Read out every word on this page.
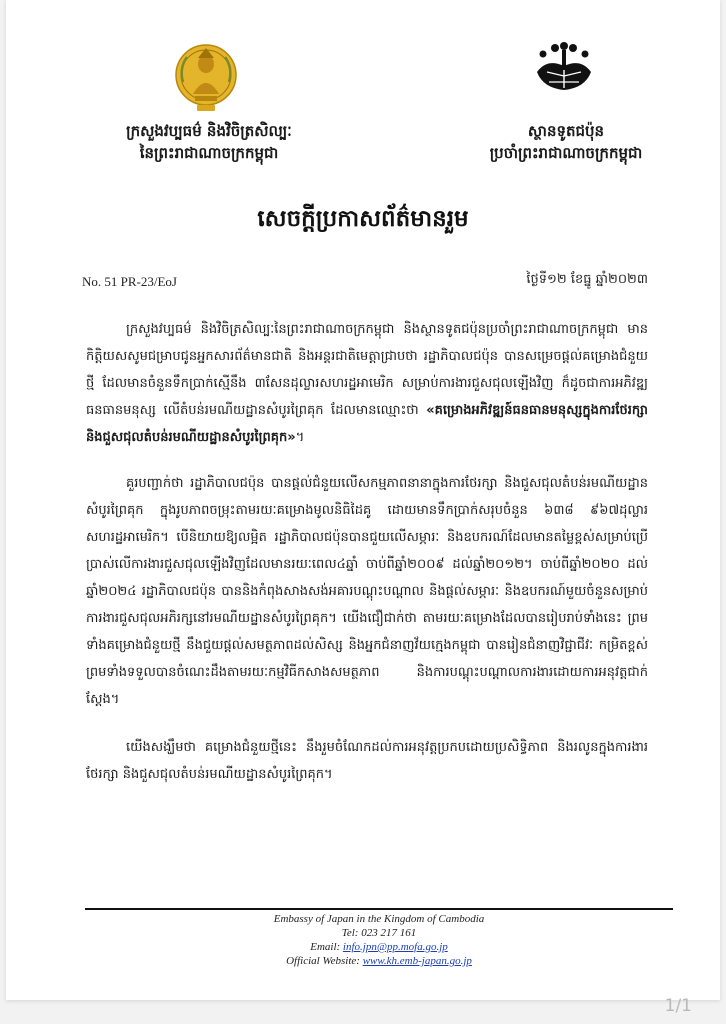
ក្រសួងវប្បធម៌ និងវិចិត្រសិល្បៈ
នៃព្រះរាជាណាចក្រកម្ពុជា
ស្ថានទូតជប៉ុន
ប្រចាំព្រះរាជាណាចក្រកម្ពុជា
សេចក្តីប្រកាសព័ត៌មានរួម
No. 51 PR-23/EoJ	ថ្ងៃទី១២ ខែធ្នូ ឆ្នាំ២០២៣

ក្រសួងវប្បធម៌ និងវិចិត្រសិល្បៈនៃព្រះរាជាណាចក្រកម្ពុជា និងស្ថានទូតជប៉ុនប្រចាំព្រះរាជាណាចក្រកម្ពុជា មានកិត្តិយសសូមជម្រាបជូនអ្នកសារព័ត៌មានជាតិ និងអន្តរជាតិមេត្តាជ្រាបថា រដ្ឋាភិបាលជប៉ុន បានសម្រេចផ្តល់គម្រោងជំនួយថ្មី ដែលមានចំនួនទឹកប្រាក់ស្មើនឹង ៣សែនដុល្លារសហរដ្ឋអាមេរិក សម្រាប់ការងារជួសជុលឡើងវិញ ក៏ដូចជាការអភិវឌ្ឍធនធានមនុស្ស លើតំបន់រមណីយដ្ឋានសំបូរព្រៃគុក ដែលមានឈ្មោះថា «គម្រោងអភិវឌ្ឍន៍ធនធានមនុស្សក្នុងការថែរក្សា និងជួសជុលតំបន់រមណីយដ្ឋានសំបូរព្រៃគុក»។

គួរបញ្ជាក់ថា រដ្ឋាភិបាលជប៉ុន បានផ្តល់ជំនួយលើសកម្មភាពនានាក្នុងការថែរក្សា និងជួសជុលតំបន់រមណីយដ្ឋានសំបូរព្រៃគុក ក្នុងរូបភាពចម្រុះតាមរយៈគម្រោងមូលនិធិដៃគូ ដោយមានទឹកប្រាក់សរុបចំនួន ៦៣៨ ៩៦៧ដុល្លារសហរដ្ឋអាមេរិក។ បើនិយាយឱ្យលម្អិត រដ្ឋាភិបាលជប៉ុនបានជួយលើសម្ភារៈ និងឧបករណ៍ដែលមានតម្លៃខ្ពស់សម្រាប់ប្រើប្រាស់លើការងារជួសជុលឡើងវិញដែលមានរយៈពេល៤ឆ្នាំ ចាប់ពីឆ្នាំ២០០៩ ដល់ឆ្នាំ២០១២។ ចាប់ពីឆ្នាំ២០២០ ដល់ឆ្នាំ២០២៤ រដ្ឋាភិបាលជប៉ុន បាននិងកំពុងសាងសង់អគារបណ្តុះបណ្តាល និងផ្តល់សម្ភារៈ និងឧបករណ៍មួយចំនួនសម្រាប់ការងារជួសជុលអភិរក្សនៅរមណីយដ្ឋានសំបូរព្រៃគុក។ យើងជឿជាក់ថា តាមរយៈគម្រោងដែលបានរៀបរាប់ទាំងនេះ ព្រមទាំងគម្រោងជំនួយថ្មី នឹងជួយផ្តល់សមត្ថភាពដល់សិស្ស និងអ្នកជំនាញវ័យក្មេងកម្ពុជា បានរៀនជំនាញវិជ្ជាជីវៈ កម្រិតខ្ពស់ ព្រមទាំងទទួលបានចំណេះដឹងតាមរយៈកម្មវិធីកសាងសមត្ថភាព និងការបណ្តុះបណ្តាលការងារដោយការអនុវត្តជាក់ស្តែង។

យើងសង្ឃឹមថា គម្រោងជំនួយថ្មីនេះ នឹងរួមចំណែកដល់ការអនុវត្តប្រកបដោយប្រសិទ្ធិភាព និងរលូនក្នុងការងារថែរក្សា និងជួសជុលតំបន់រមណីយដ្ឋានសំបូរព្រៃគុក។

Embassy of Japan in the Kingdom of Cambodia
Tel: 023 217 161
Email: info.jpn@pp.mofa.go.jp
Official Website: www.kh.emb-japan.go.jp
1/1
